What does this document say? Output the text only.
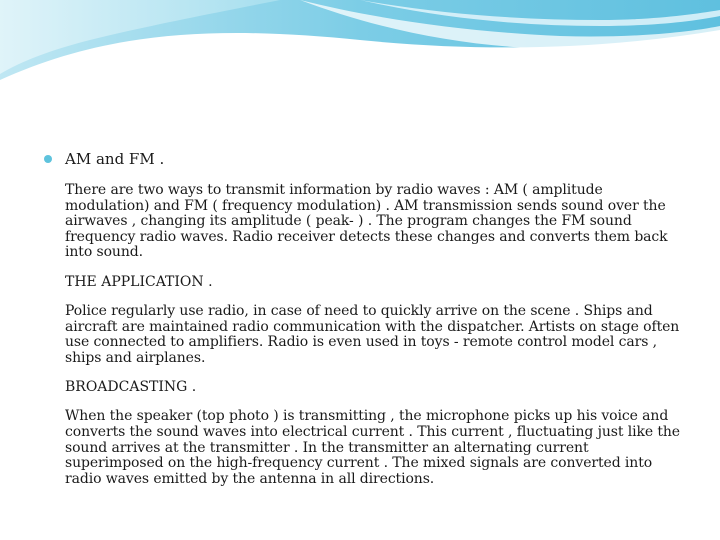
AM and FM .
There are two ways to transmit information by radio waves : AM ( amplitude modulation) and FM ( frequency modulation) . AM transmission sends sound over the airwaves , changing its amplitude ( peak- ) . The program changes the FM sound frequency radio waves. Radio receiver detects these changes and converts them back into sound.
THE APPLICATION .
Police regularly use radio, in case of need to quickly arrive on the scene . Ships and aircraft are maintained radio communication with the dispatcher. Artists on stage often use connected to amplifiers. Radio is even used in toys - remote control model cars , ships and airplanes.
BROADCASTING .
When the speaker (top photo ) is transmitting , the microphone picks up his voice and converts the sound waves into electrical current . This current , fluctuating just like the sound arrives at the transmitter . In the transmitter an alternating current superimposed on the high-frequency current . The mixed signals are converted into radio waves emitted by the antenna in all directions.
